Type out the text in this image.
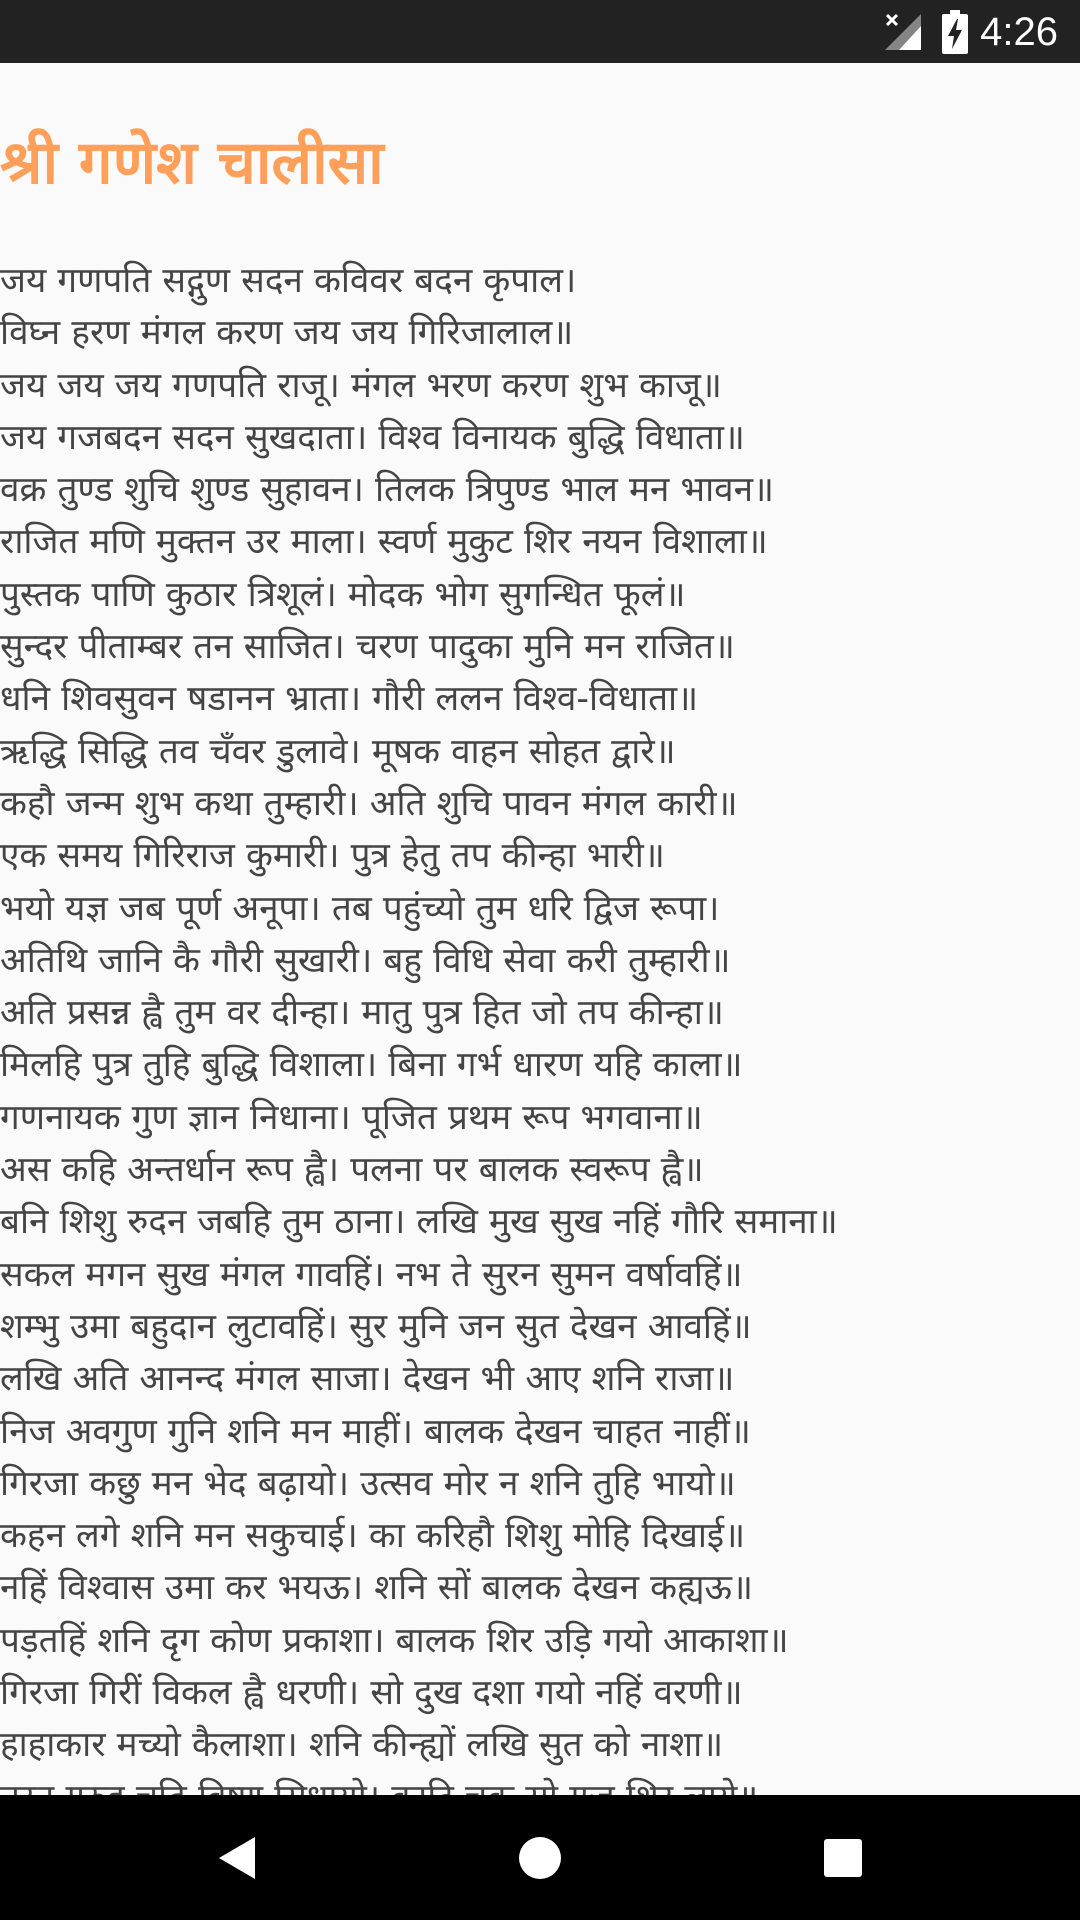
4:26
श्री गणेश चालीसा
जय गणपति सद्गुण सदन कविवर बदन कृपाल।
विघ्न हरण मंगल करण जय जय गिरिजालाल॥
जय जय जय गणपति राजू। मंगल भरण करण शुभ काजू॥
जय गजबदन सदन सुखदाता। विश्व विनायक बुद्धि विधाता॥
वक्र तुण्ड शुचि शुण्ड सुहावन। तिलक त्रिपुण्ड भाल मन भावन॥
राजित मणि मुक्तन उर माला। स्वर्ण मुकुट शिर नयन विशाला॥
पुस्तक पाणि कुठार त्रिशूलं। मोदक भोग सुगन्धित फूलं॥
सुन्दर पीताम्बर तन साजित। चरण पादुका मुनि मन राजित॥
धनि शिवसुवन षडानन भ्राता। गौरी ललन विश्व-विधाता॥
ऋद्धि सिद्धि तव चँवर डुलावे। मूषक वाहन सोहत द्वारे॥
कहौ जन्म शुभ कथा तुम्हारी। अति शुचि पावन मंगल कारी॥
एक समय गिरिराज कुमारी। पुत्र हेतु तप कीन्हा भारी॥
भयो यज्ञ जब पूर्ण अनूपा। तब पहुंच्यो तुम धरि द्विज रूपा।
अतिथि जानि कै गौरी सुखारी। बहु विधि सेवा करी तुम्हारी॥
अति प्रसन्न ह्वै तुम वर दीन्हा। मातु पुत्र हित जो तप कीन्हा॥
मिलहि पुत्र तुहि बुद्धि विशाला। बिना गर्भ धारण यहि काला॥
गणनायक गुण ज्ञान निधाना। पूजित प्रथम रूप भगवाना॥
अस कहि अन्तर्धान रूप ह्वै। पलना पर बालक स्वरूप ह्वै॥
बनि शिशु रुदन जबहि तुम ठाना। लखि मुख सुख नहिं गौरि समाना॥
सकल मगन सुख मंगल गावहिं। नभ ते सुरन सुमन वर्षावहिं॥
शम्भु उमा बहुदान लुटावहिं। सुर मुनि जन सुत देखन आवहिं॥
लखि अति आनन्द मंगल साजा। देखन भी आए शनि राजा॥
निज अवगुण गुनि शनि मन माहीं। बालक देखन चाहत नाहीं॥
गिरजा कछु मन भेद बढ़ायो। उत्सव मोर न शनि तुहि भायो॥
कहन लगे शनि मन सकुचाई। का करिहौ शिशु मोहि दिखाई॥
नहिं विश्वास उमा कर भयऊ। शनि सों बालक देखन कह्यऊ॥
पड़तहिं शनि दृग कोण प्रकाशा। बालक शिर उड़ि गयो आकाशा॥
गिरजा गिरीं विकल ह्वै धरणी। सो दुख दशा गयो नहिं वरणी॥
हाहाकार मच्यो कैलाशा। शनि कीन्ह्यों लखि सुत को नाशा॥
